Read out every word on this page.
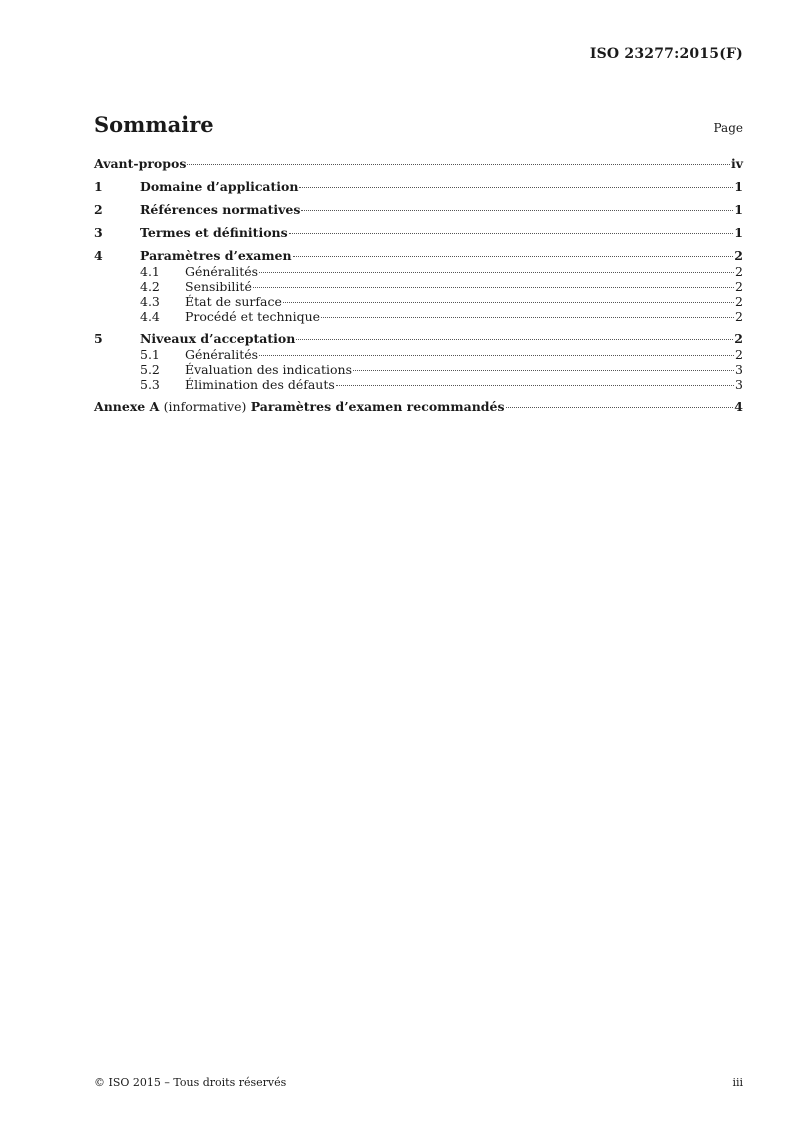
ISO 23277:2015(F)
Sommaire	Page
Avant-propos	iv
1	Domaine d’application	1
2	Références normatives	1
3	Termes et définitions	1
4	Paramètres d’examen	2
4.1	Généralités	2
4.2	Sensibilité	2
4.3	État de surface	2
4.4	Procédé et technique	2
5	Niveaux d’acceptation	2
5.1	Généralités	2
5.2	Évaluation des indications	3
5.3	Élimination des défauts	3
Annexe A (informative) Paramètres d’examen recommandés	4
© ISO 2015 – Tous droits réservés	iii
